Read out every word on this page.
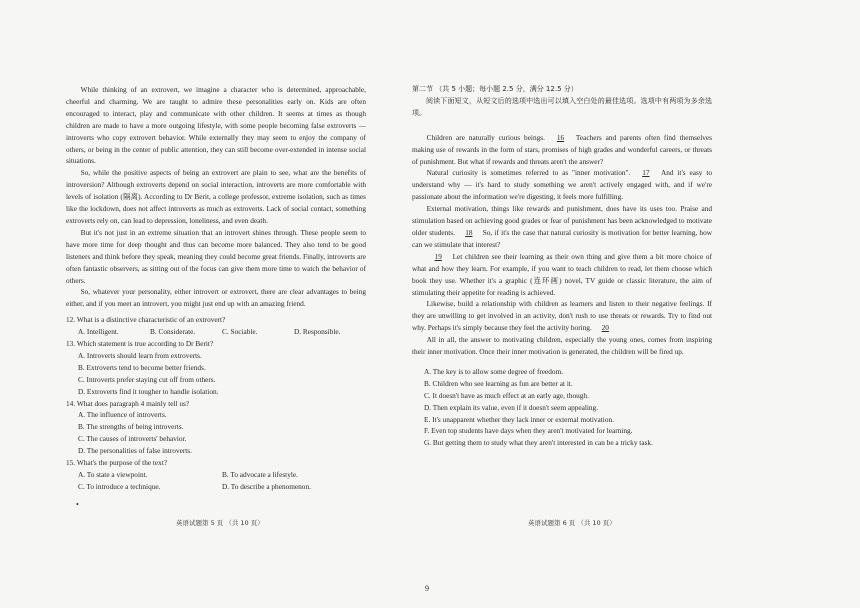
While thinking of an extrovert, we imagine a character who is determined, approachable, cheerful and charming. We are taught to admire these personalities early on. Kids are often encouraged to interact, play and communicate with other children. It seems at times as though children are made to have a more outgoing lifestyle, with some people becoming false extroverts — introverts who copy extrovert behavior. While externally they may seem to enjoy the company of others, or being in the center of public attention, they can still become over-extended in intense social situations.

So, while the positive aspects of being an extrovert are plain to see, what are the benefits of introversion? Although extroverts depend on social interaction, introverts are more comfortable with levels of isolation (隔离). According to Dr Berit, a college professor, extreme isolation, such as times like the lockdown, does not affect introverts as much as extroverts. Lack of social contact, something extroverts rely on, can lead to depression, loneliness, and even death.

But it's not just in an extreme situation that an introvert shines through. These people seem to have more time for deep thought and thus can become more balanced. They also tend to be good listeners and think before they speak, meaning they could become great friends. Finally, introverts are often fantastic observers, as sitting out of the focus can give them more time to watch the behavior of others.

So, whatever your personality, either introvert or extrovert, there are clear advantages to being either, and if you meet an introvert, you might just end up with an amazing friend.

12. What is a distinctive characteristic of an extrovert?

A. Intelligent.	B. Considerate.	C. Sociable.	D. Responsible.

13. Which statement is true according to Dr Berit?

A. Introverts should learn from extroverts.

B. Extroverts tend to become better friends.

C. Introverts prefer staying cut off from others.

D. Extroverts find it tougher to handle isolation.

14. What does paragraph 4 mainly tell us?

A. The influence of introverts.

B. The strengths of being introverts.

C. The causes of introverts' behavior.

D. The personalities of false introverts.

15. What's the purpose of the text?

A. To state a viewpoint.	B. To advocate a lifestyle.
C. To introduce a technique.	D. To describe a phenomenon.
•

第二节 （共 5 小题；每小题 2.5 分，满分 12.5 分）

阅读下面短文，从短文后的选项中选出可以填入空白处的最佳选项。选项中有两项为多余选项。

Children are naturally curious beings. 16 Teachers and parents often find themselves making use of rewards in the form of stars, promises of high grades and wonderful careers, or threats of punishment. But what if rewards and threats aren't the answer?

Natural curiosity is sometimes referred to as "inner motivation". 17 And it's easy to understand why — it's hard to study something we aren't actively engaged with, and if we're passionate about the information we're digesting, it feels more fulfilling.

External motivation, things like rewards and punishment, does have its uses too. Praise and stimulation based on achieving good grades or fear of punishment has been acknowledged to motivate older students. 18 So, if it's the case that natural curiosity is motivation for better learning, how can we stimulate that interest?

19 Let children see their learning as their own thing and give them a bit more choice of what and how they learn. For example, if you want to teach children to read, let them choose which book they use. Whether it's a graphic (连环画) novel, TV guide or classic literature, the aim of stimulating their appetite for reading is achieved.

Likewise, build a relationship with children as learners and listen to their negative feelings. If they are unwilling to get involved in an activity, don't rush to use threats or rewards. Try to find out why. Perhaps it's simply because they feel the activity boring. 20

All in all, the answer to motivating children, especially the young ones, comes from inspiring their inner motivation. Once their inner motivation is generated, the children will be fired up.

A. The key is to allow some degree of freedom.

B. Children who see learning as fun are better at it.

C. It doesn't have as much effect at an early age, though.

D. Then explain its value, even if it doesn't seem appealing.

E. It's unapparent whether they lack inner or external motivation.

F. Even top students have days when they aren't motivated for learning.

G. But getting them to study what they aren't interested in can be a tricky task.

英语试题第 5 页 （共 10 页）	英语试题第 6 页 （共 10 页）
9
